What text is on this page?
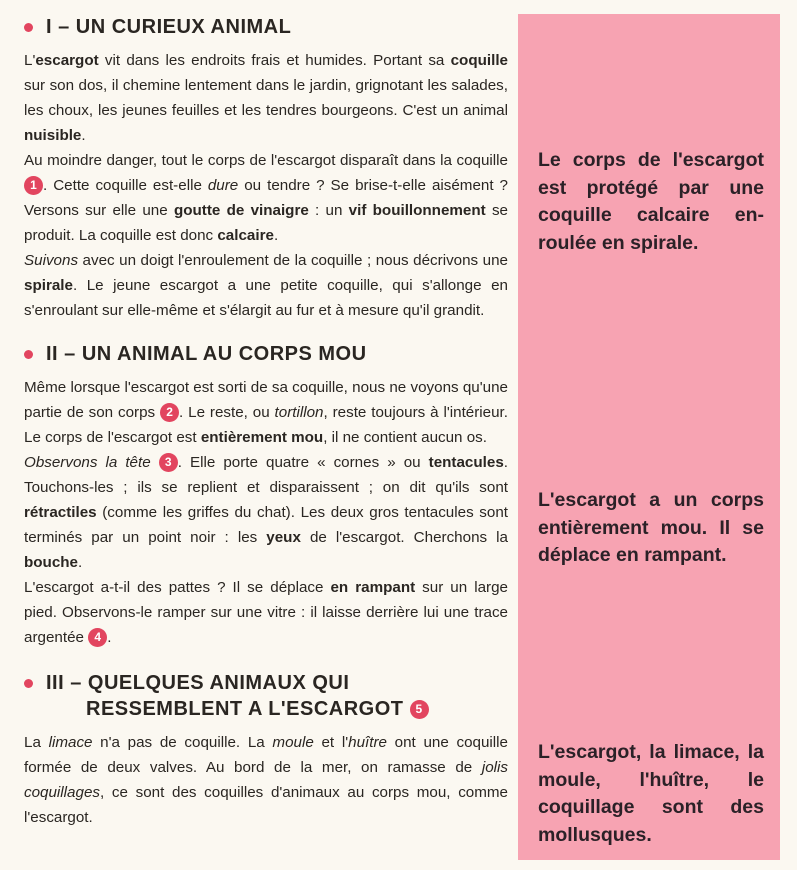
I – UN CURIEUX ANIMAL

L'escargot vit dans les endroits frais et humides. Portant sa coquille sur son dos, il chemine lentement dans le jardin, grignotant les salades, les choux, les jeunes feuilles et les tendres bourgeons. C'est un animal nuisible.

Au moindre danger, tout le corps de l'escargot disparaît dans la coquille 1 . Cette coquille est-elle dure ou tendre ? Se brise-t-elle aisément ? Versons sur elle une goutte de vinaigre : un vif bouillonnement se produit. La coquille est donc calcaire.

Suivons avec un doigt l'enroulement de la coquille ; nous décrivons une spirale. Le jeune escargot a une petite coquille, qui s'allonge en s'enroulant sur elle-même et s'élargit au fur et à mesure qu'il grandit.

II – UN ANIMAL AU CORPS MOU

Même lorsque l'escargot est sorti de sa coquille, nous ne voyons qu'une partie de son corps 2 . Le reste, ou tortillon, reste toujours à l'intérieur. Le corps de l'escargot est entièrement mou, il ne contient aucun os.

Observons la tête 3 . Elle porte quatre « cornes » ou tentacules. Touchons-les ; ils se replient et disparaissent ; on dit qu'ils sont rétractiles (comme les griffes du chat). Les deux gros tentacules sont terminés par un point noir : les yeux de l'escargot. Cherchons la bouche.

L'escargot a-t-il des pattes ? Il se déplace en rampant sur un large pied. Observons-le ramper sur une vitre : il laisse derrière lui une trace argentée 4 .

III – QUELQUES ANIMAUX QUI
RESSEMBLENT A L'ESCARGOT 5

La limace n'a pas de coquille. La moule et l'huître ont une coquille formée de deux valves. Au bord de la mer, on ramasse de jolis coquillages, ce sont des coquilles d'animaux au corps mou, comme l'escargot.

Le corps de l'escargot est protégé par une coquille calcaire en-roulée en spirale.

L'escargot a un corps entièrement mou. Il se déplace en rampant.

L'escargot, la limace, la moule, l'huître, le coquillage sont des mollusques.
